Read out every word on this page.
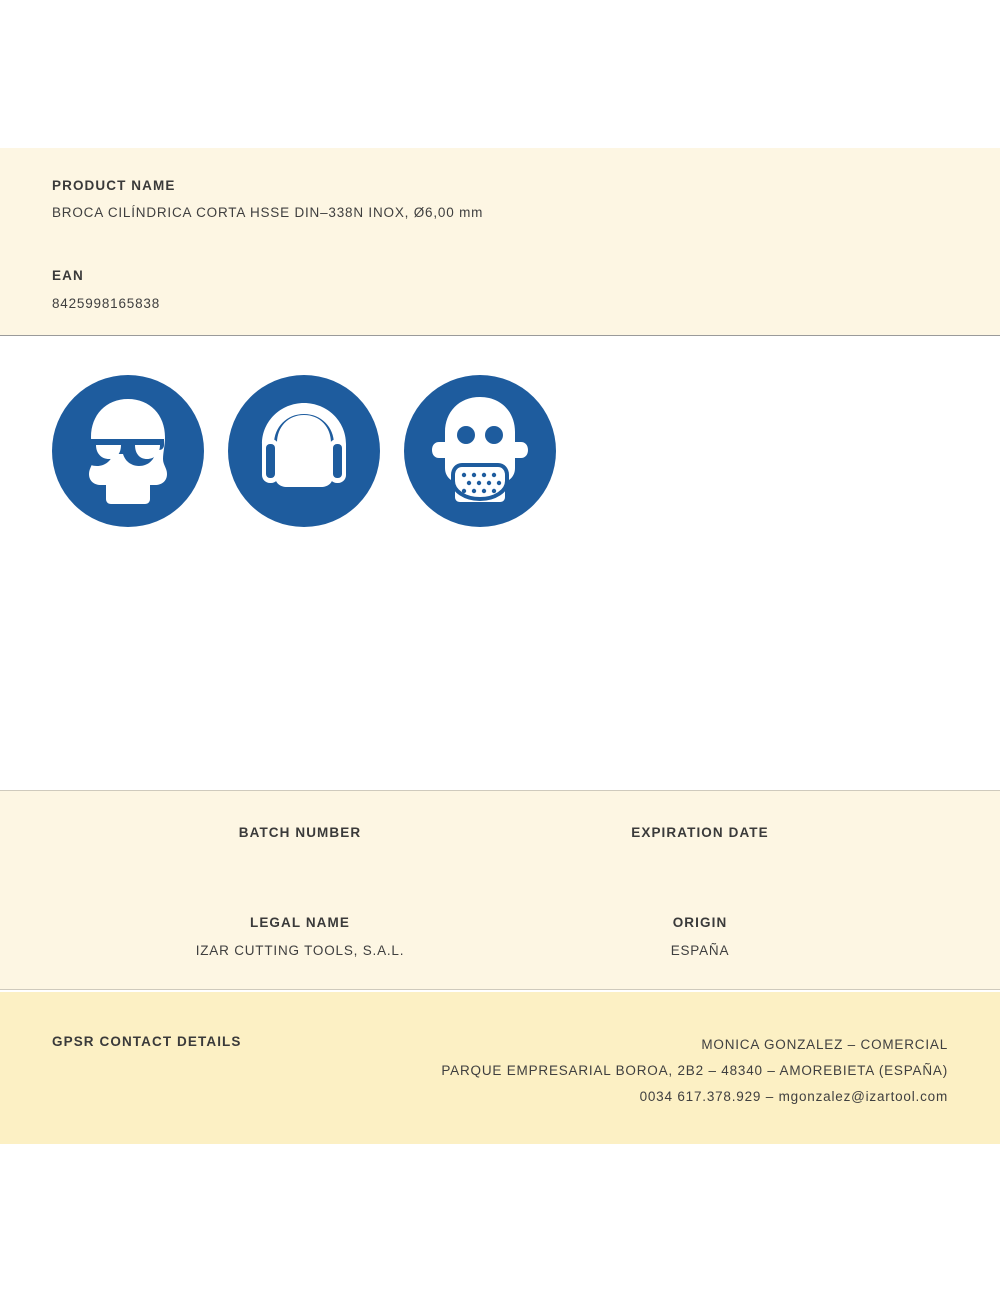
PRODUCT NAME
BROCA CILÍNDRICA CORTA HSSE DIN–338N INOX, Ø6,00 mm
EAN
8425998165838
BATCH NUMBER	EXPIRATION DATE
LEGAL NAME
IZAR CUTTING TOOLS, S.A.L.
ORIGIN
ESPAÑA
GPSR CONTACT DETAILS	MONICA GONZALEZ – COMERCIAL
PARQUE EMPRESARIAL BOROA, 2B2 – 48340 – AMOREBIETA (ESPAÑA)
0034 617.378.929 – mgonzalez@izartool.com
